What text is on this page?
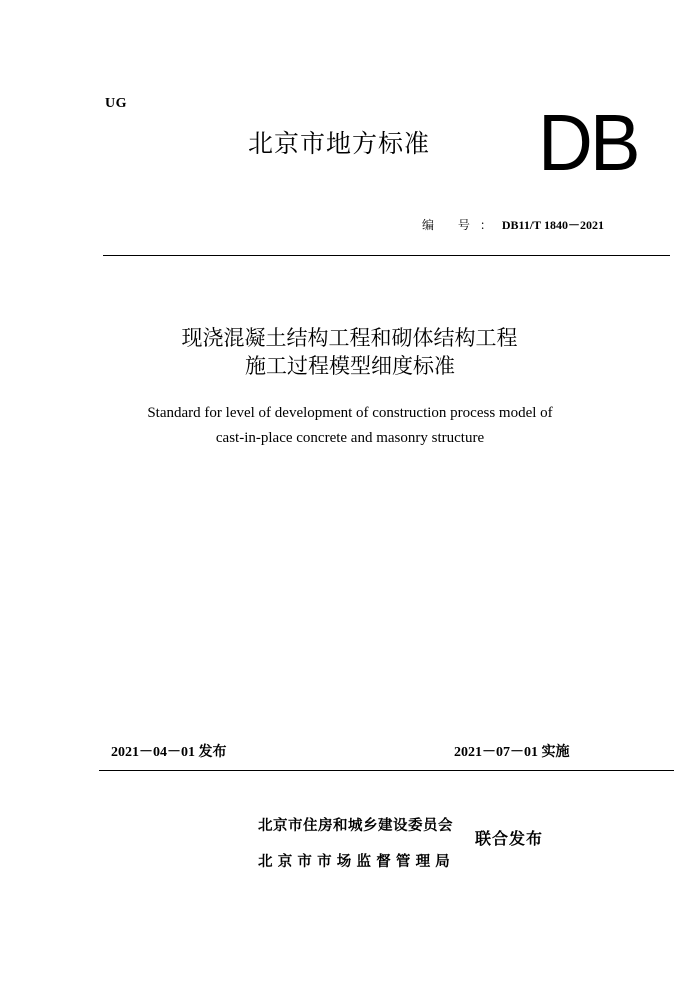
UG
北京市地方标准 DB
编 号：DB11/T 1840－2021
现浇混凝土结构工程和砌体结构工程
施工过程模型细度标准
Standard for level of development of construction process model of
cast-in-place concrete and masonry structure
2021－04－01 发布	2021－07－01 实施
北京市住房和城乡建设委员会
北京市市场监督管理局
联合发布
